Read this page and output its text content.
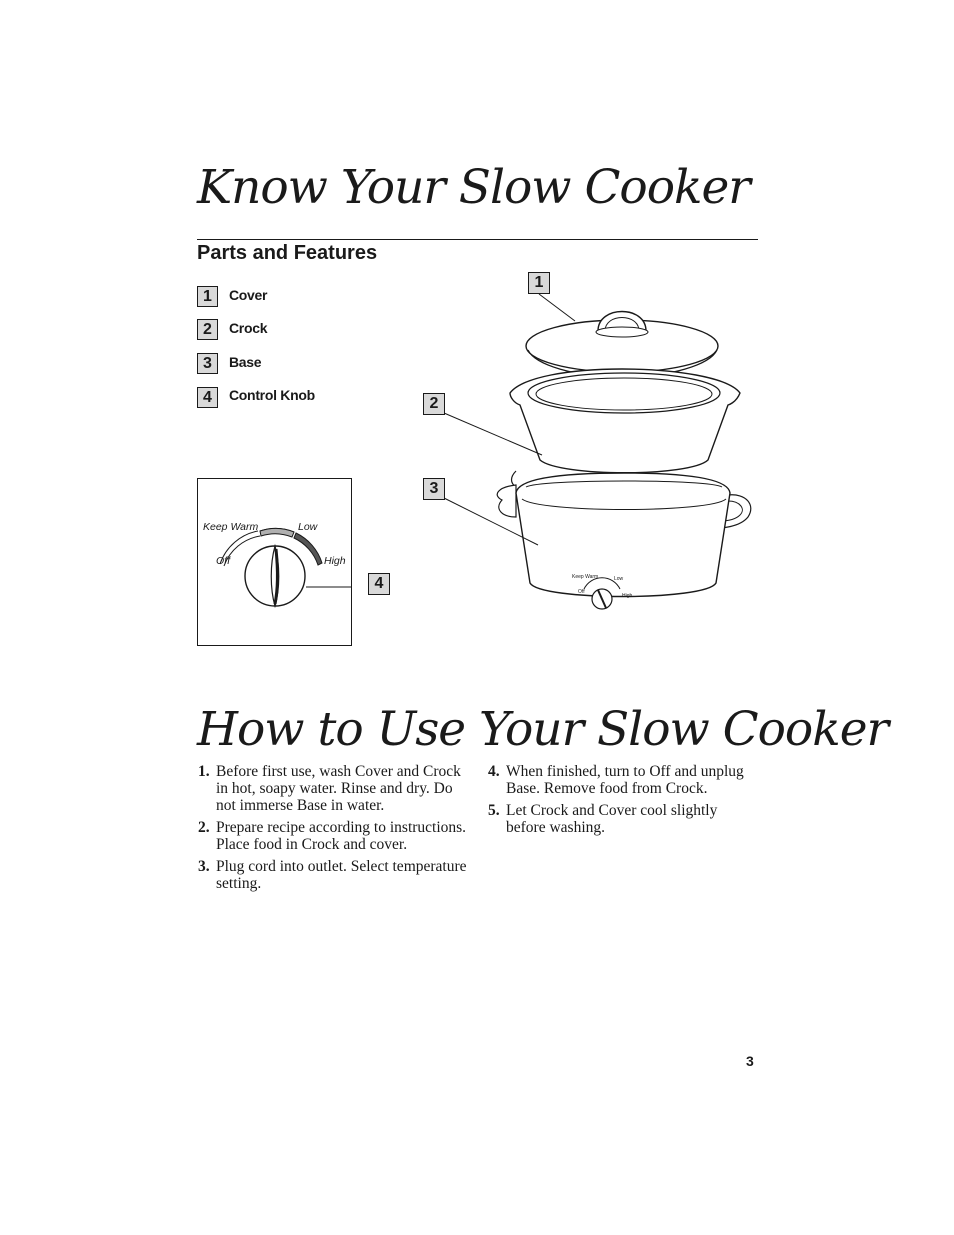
Know Your Slow Cooker
Parts and Features
1	Cover
2	Crock
3	Base
4	Control Knob
Keep Warm	Low
Off	High
Keep Warm	Low
Off
High
1
2
3
4
How to Use Your Slow Cooker
1. Before first use, wash Cover and Crock in hot, soapy water. Rinse and dry. Do not immerse Base in water.
2. Prepare recipe according to instructions. Place food in Crock and cover.
3. Plug cord into outlet. Select temperature setting.
4. When finished, turn to Off and unplug Base. Remove food from Crock.
5. Let Crock and Cover cool slightly before washing.
3
